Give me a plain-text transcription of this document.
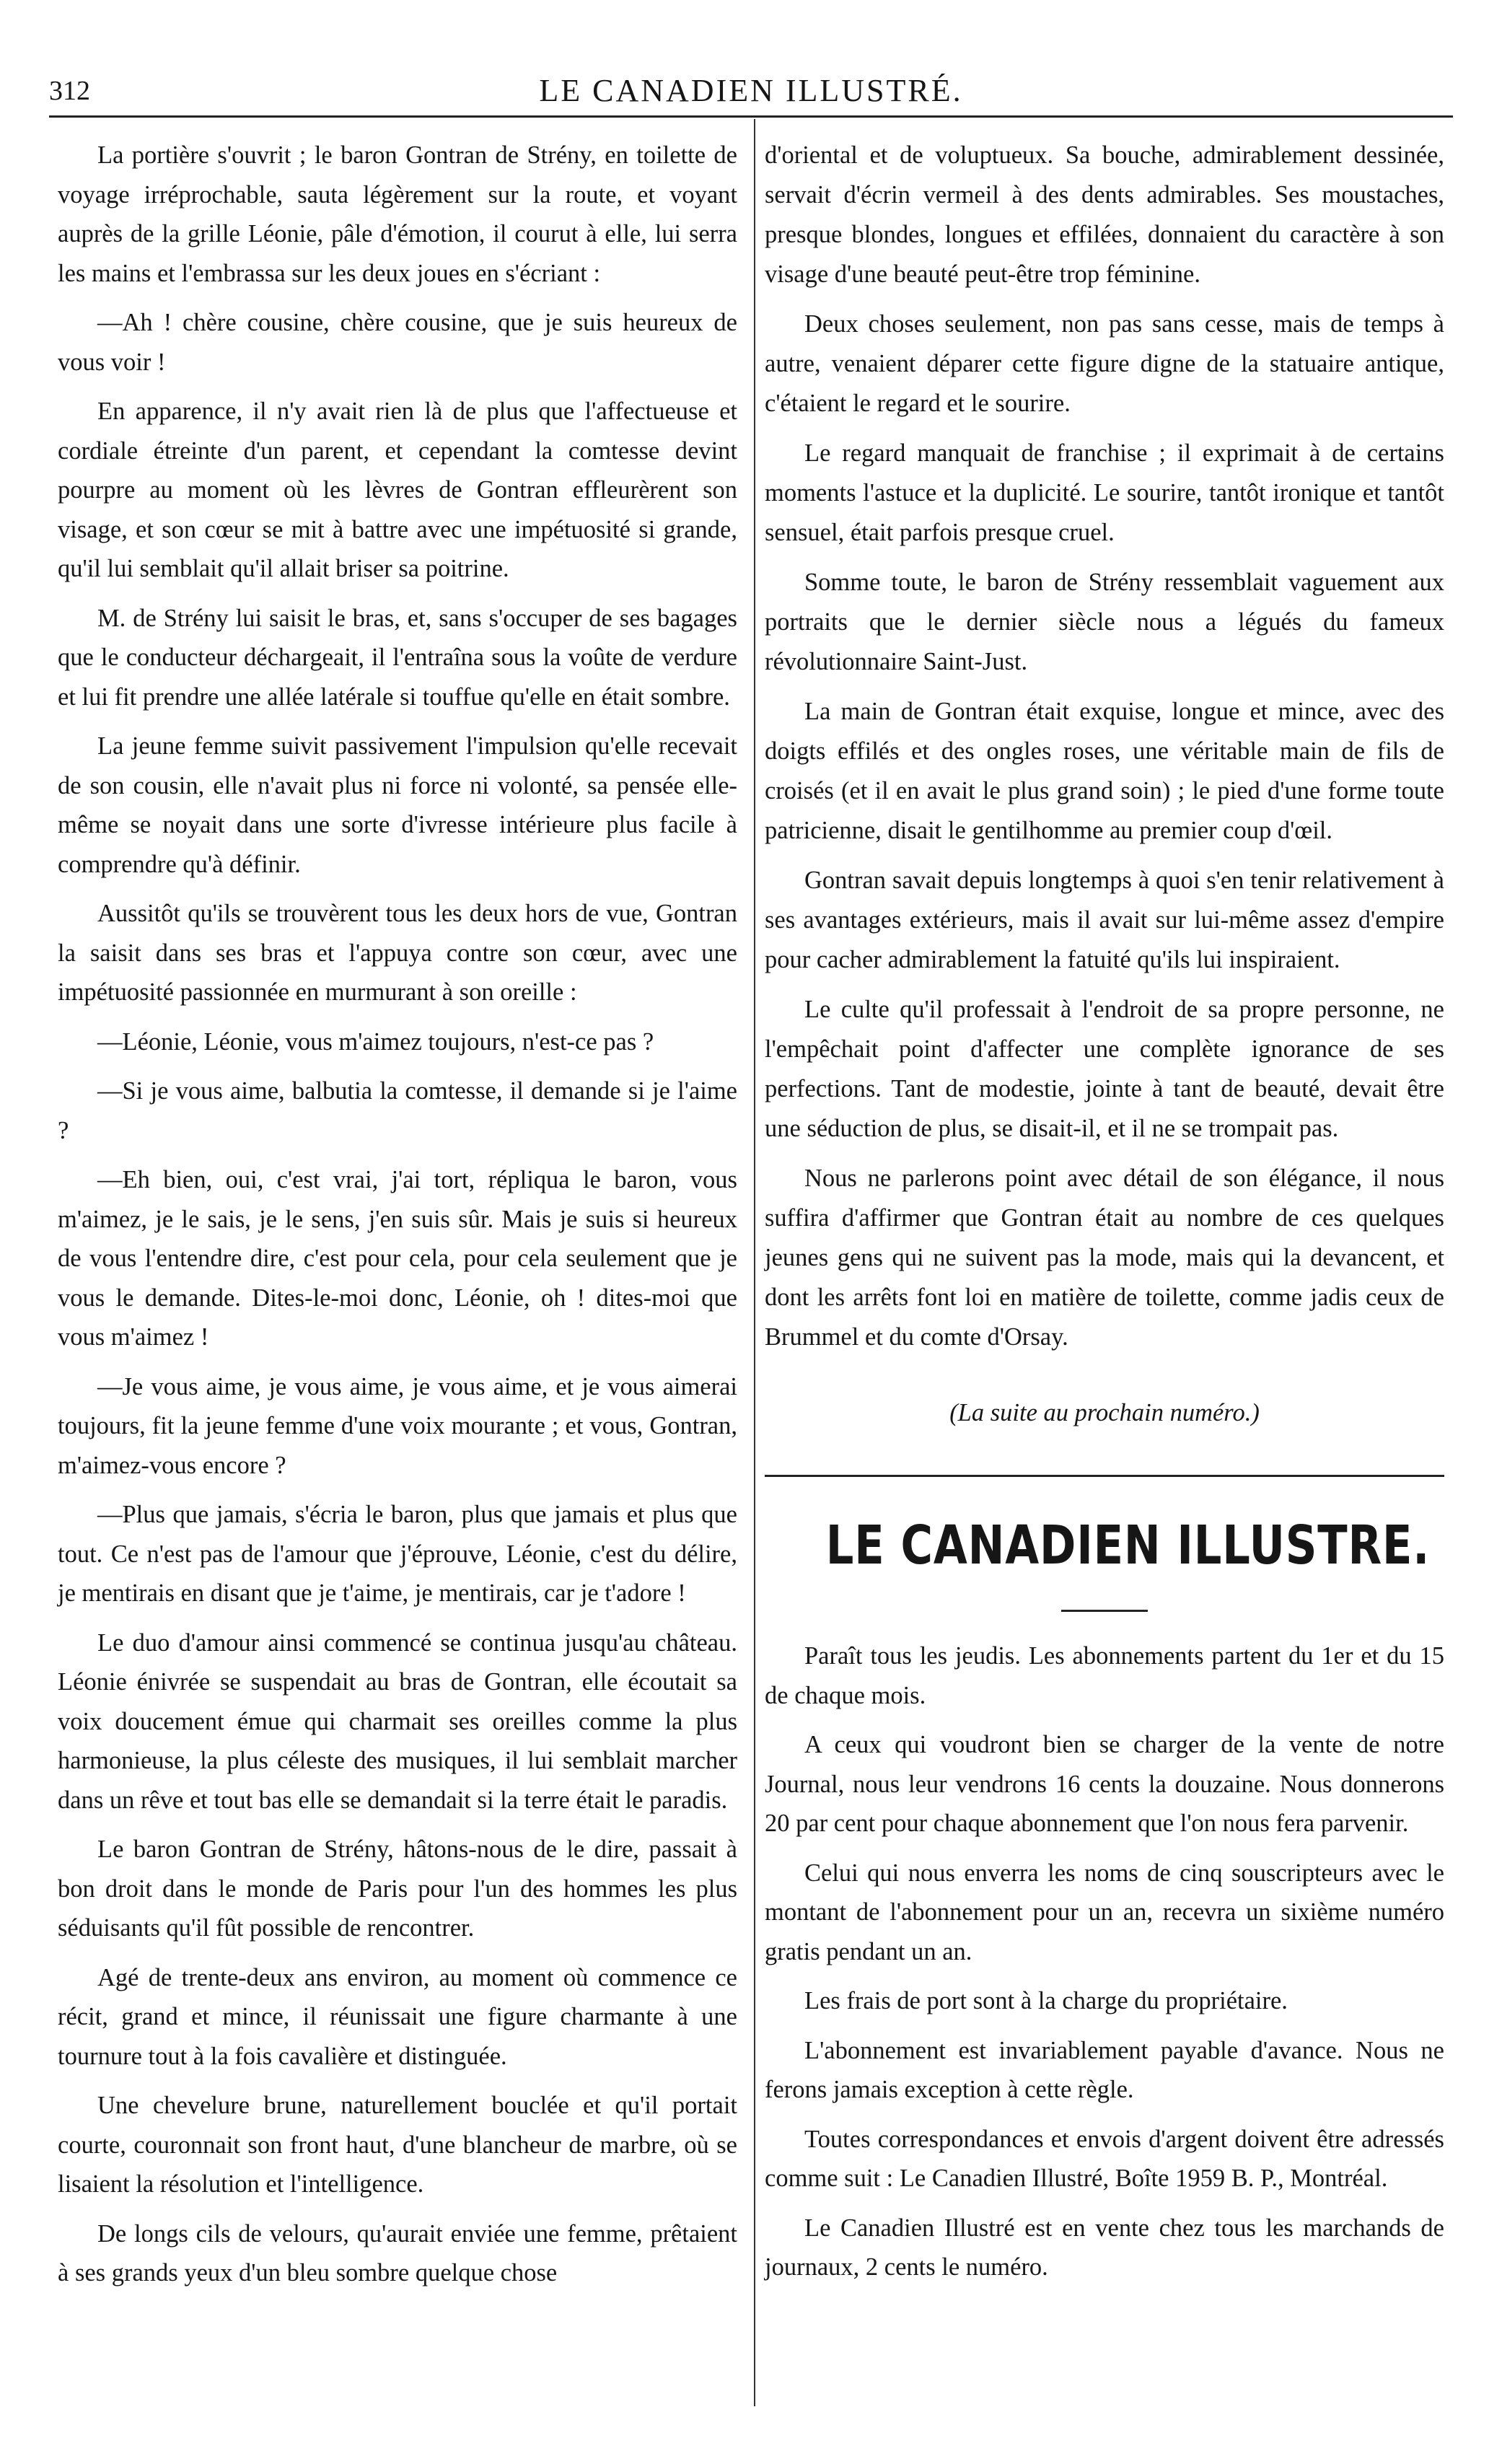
312	LE CANADIEN ILLUSTRÉ.

La portière s'ouvrit ; le baron Gontran de Strény, en toilette de voyage irréprochable, sauta légèrement sur la route, et voyant auprès de la grille Léonie, pâle d'émotion, il courut à elle, lui serra les mains et l'embrassa sur les deux joues en s'écriant :

—Ah ! chère cousine, chère cousine, que je suis heureux de vous voir !

En apparence, il n'y avait rien là de plus que l'affectueuse et cordiale étreinte d'un parent, et cependant la comtesse devint pourpre au moment où les lèvres de Gontran effleurèrent son visage, et son cœur se mit à battre avec une impétuosité si grande, qu'il lui semblait qu'il allait briser sa poitrine.

M. de Strény lui saisit le bras, et, sans s'occuper de ses bagages que le conducteur déchargeait, il l'entraîna sous la voûte de verdure et lui fit prendre une allée latérale si touffue qu'elle en était sombre.

La jeune femme suivit passivement l'impulsion qu'elle recevait de son cousin, elle n'avait plus ni force ni volonté, sa pensée elle-même se noyait dans une sorte d'ivresse intérieure plus facile à comprendre qu'à définir.

Aussitôt qu'ils se trouvèrent tous les deux hors de vue, Gontran la saisit dans ses bras et l'appuya contre son cœur, avec une impétuosité passionnée en murmurant à son oreille :

—Léonie, Léonie, vous m'aimez toujours, n'est-ce pas ?

—Si je vous aime, balbutia la comtesse, il demande si je l'aime ?

—Eh bien, oui, c'est vrai, j'ai tort, répliqua le baron, vous m'aimez, je le sais, je le sens, j'en suis sûr. Mais je suis si heureux de vous l'entendre dire, c'est pour cela, pour cela seulement que je vous le demande. Dites-le-moi donc, Léonie, oh ! dites-moi que vous m'aimez !

—Je vous aime, je vous aime, je vous aime, et je vous aimerai toujours, fit la jeune femme d'une voix mourante ; et vous, Gontran, m'aimez-vous encore ?

—Plus que jamais, s'écria le baron, plus que jamais et plus que tout. Ce n'est pas de l'amour que j'éprouve, Léonie, c'est du délire, je mentirais en disant que je t'aime, je mentirais, car je t'adore !

Le duo d'amour ainsi commencé se continua jusqu'au château. Léonie énivrée se suspendait au bras de Gontran, elle écoutait sa voix doucement émue qui charmait ses oreilles comme la plus harmonieuse, la plus céleste des musiques, il lui semblait marcher dans un rêve et tout bas elle se demandait si la terre était le paradis.

Le baron Gontran de Strény, hâtons-nous de le dire, passait à bon droit dans le monde de Paris pour l'un des hommes les plus séduisants qu'il fût possible de rencontrer.

Agé de trente-deux ans environ, au moment où commence ce récit, grand et mince, il réunissait une figure charmante à une tournure tout à la fois cavalière et distinguée.

Une chevelure brune, naturellement bouclée et qu'il portait courte, couronnait son front haut, d'une blancheur de marbre, où se lisaient la résolution et l'intelligence.

De longs cils de velours, qu'aurait enviée une femme, prêtaient à ses grands yeux d'un bleu sombre quelque chose

d'oriental et de voluptueux. Sa bouche, admirablement dessinée, servait d'écrin vermeil à des dents admirables. Ses moustaches, presque blondes, longues et effilées, donnaient du caractère à son visage d'une beauté peut-être trop féminine.

Deux choses seulement, non pas sans cesse, mais de temps à autre, venaient déparer cette figure digne de la statuaire antique, c'étaient le regard et le sourire.

Le regard manquait de franchise ; il exprimait à de certains moments l'astuce et la duplicité. Le sourire, tantôt ironique et tantôt sensuel, était parfois presque cruel.

Somme toute, le baron de Strény ressemblait vaguement aux portraits que le dernier siècle nous a légués du fameux révolutionnaire Saint-Just.

La main de Gontran était exquise, longue et mince, avec des doigts effilés et des ongles roses, une véritable main de fils de croisés (et il en avait le plus grand soin) ; le pied d'une forme toute patricienne, disait le gentilhomme au premier coup d'œil.

Gontran savait depuis longtemps à quoi s'en tenir relativement à ses avantages extérieurs, mais il avait sur lui-même assez d'empire pour cacher admirablement la fatuité qu'ils lui inspiraient.

Le culte qu'il professait à l'endroit de sa propre personne, ne l'empêchait point d'affecter une complète ignorance de ses perfections. Tant de modestie, jointe à tant de beauté, devait être une séduction de plus, se disait-il, et il ne se trompait pas.

Nous ne parlerons point avec détail de son élégance, il nous suffira d'affirmer que Gontran était au nombre de ces quelques jeunes gens qui ne suivent pas la mode, mais qui la devancent, et dont les arrêts font loi en matière de toilette, comme jadis ceux de Brummel et du comte d'Orsay.

(La suite au prochain numéro.)

LE CANADIEN ILLUSTRE.

Paraît tous les jeudis. Les abonnements partent du 1er et du 15 de chaque mois.

A ceux qui voudront bien se charger de la vente de notre Journal, nous leur vendrons 16 cents la douzaine. Nous donnerons 20 par cent pour chaque abonnement que l'on nous fera parvenir.

Celui qui nous enverra les noms de cinq souscripteurs avec le montant de l'abonnement pour un an, recevra un sixième numéro gratis pendant un an.

Les frais de port sont à la charge du propriétaire.

L'abonnement est invariablement payable d'avance. Nous ne ferons jamais exception à cette règle.

Toutes correspondances et envois d'argent doivent être adressés comme suit : Le Canadien Illustré, Boîte 1959 B. P., Montréal.

Le Canadien Illustré est en vente chez tous les marchands de journaux, 2 cents le numéro.
